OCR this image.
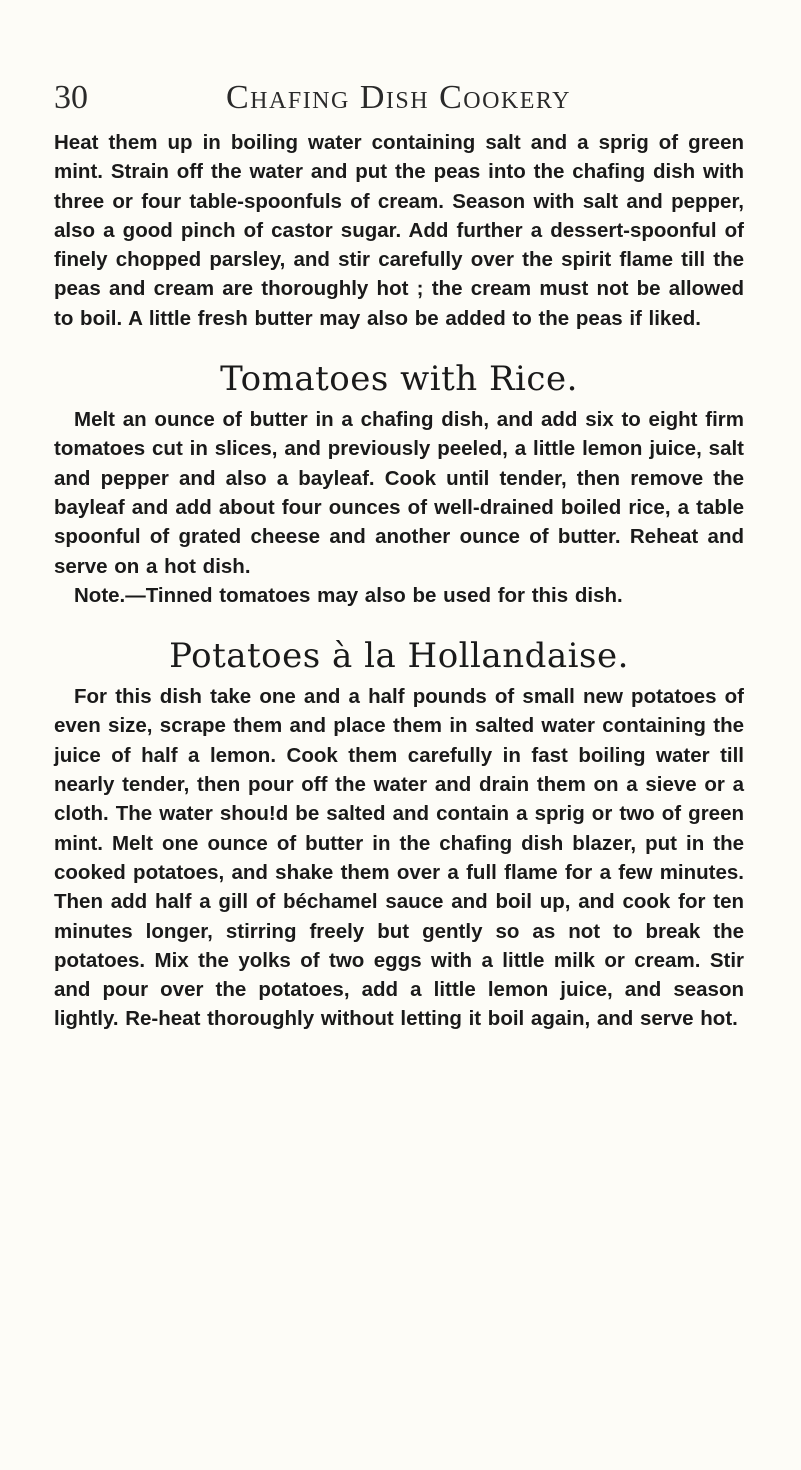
30	Chafing Dish Cookery

Heat them up in boiling water containing salt and a sprig of green mint. Strain off the water and put the peas into the chafing dish with three or four table-spoonfuls of cream. Season with salt and pepper, also a good pinch of castor sugar. Add further a dessert-spoonful of finely chopped parsley, and stir carefully over the spirit flame till the peas and cream are thoroughly hot ; the cream must not be allowed to boil. A little fresh butter may also be added to the peas if liked.

Tomatoes with Rice.

Melt an ounce of butter in a chafing dish, and add six to eight firm tomatoes cut in slices, and previously peeled, a little lemon juice, salt and pepper and also a bayleaf. Cook until tender, then remove the bayleaf and add about four ounces of well-drained boiled rice, a table spoonful of grated cheese and another ounce of butter. Reheat and serve on a hot dish.

Note.—Tinned tomatoes may also be used for this dish.

Potatoes à la Hollandaise.

For this dish take one and a half pounds of small new potatoes of even size, scrape them and place them in salted water containing the juice of half a lemon. Cook them carefully in fast boiling water till nearly tender, then pour off the water and drain them on a sieve or a cloth. The water shou!d be salted and contain a sprig or two of green mint. Melt one ounce of butter in the chafing dish blazer, put in the cooked potatoes, and shake them over a full flame for a few minutes. Then add half a gill of béchamel sauce and boil up, and cook for ten minutes longer, stirring freely but gently so as not to break the potatoes. Mix the yolks of two eggs with a little milk or cream. Stir and pour over the potatoes, add a little lemon juice, and season lightly. Re-heat thoroughly without letting it boil again, and serve hot.
